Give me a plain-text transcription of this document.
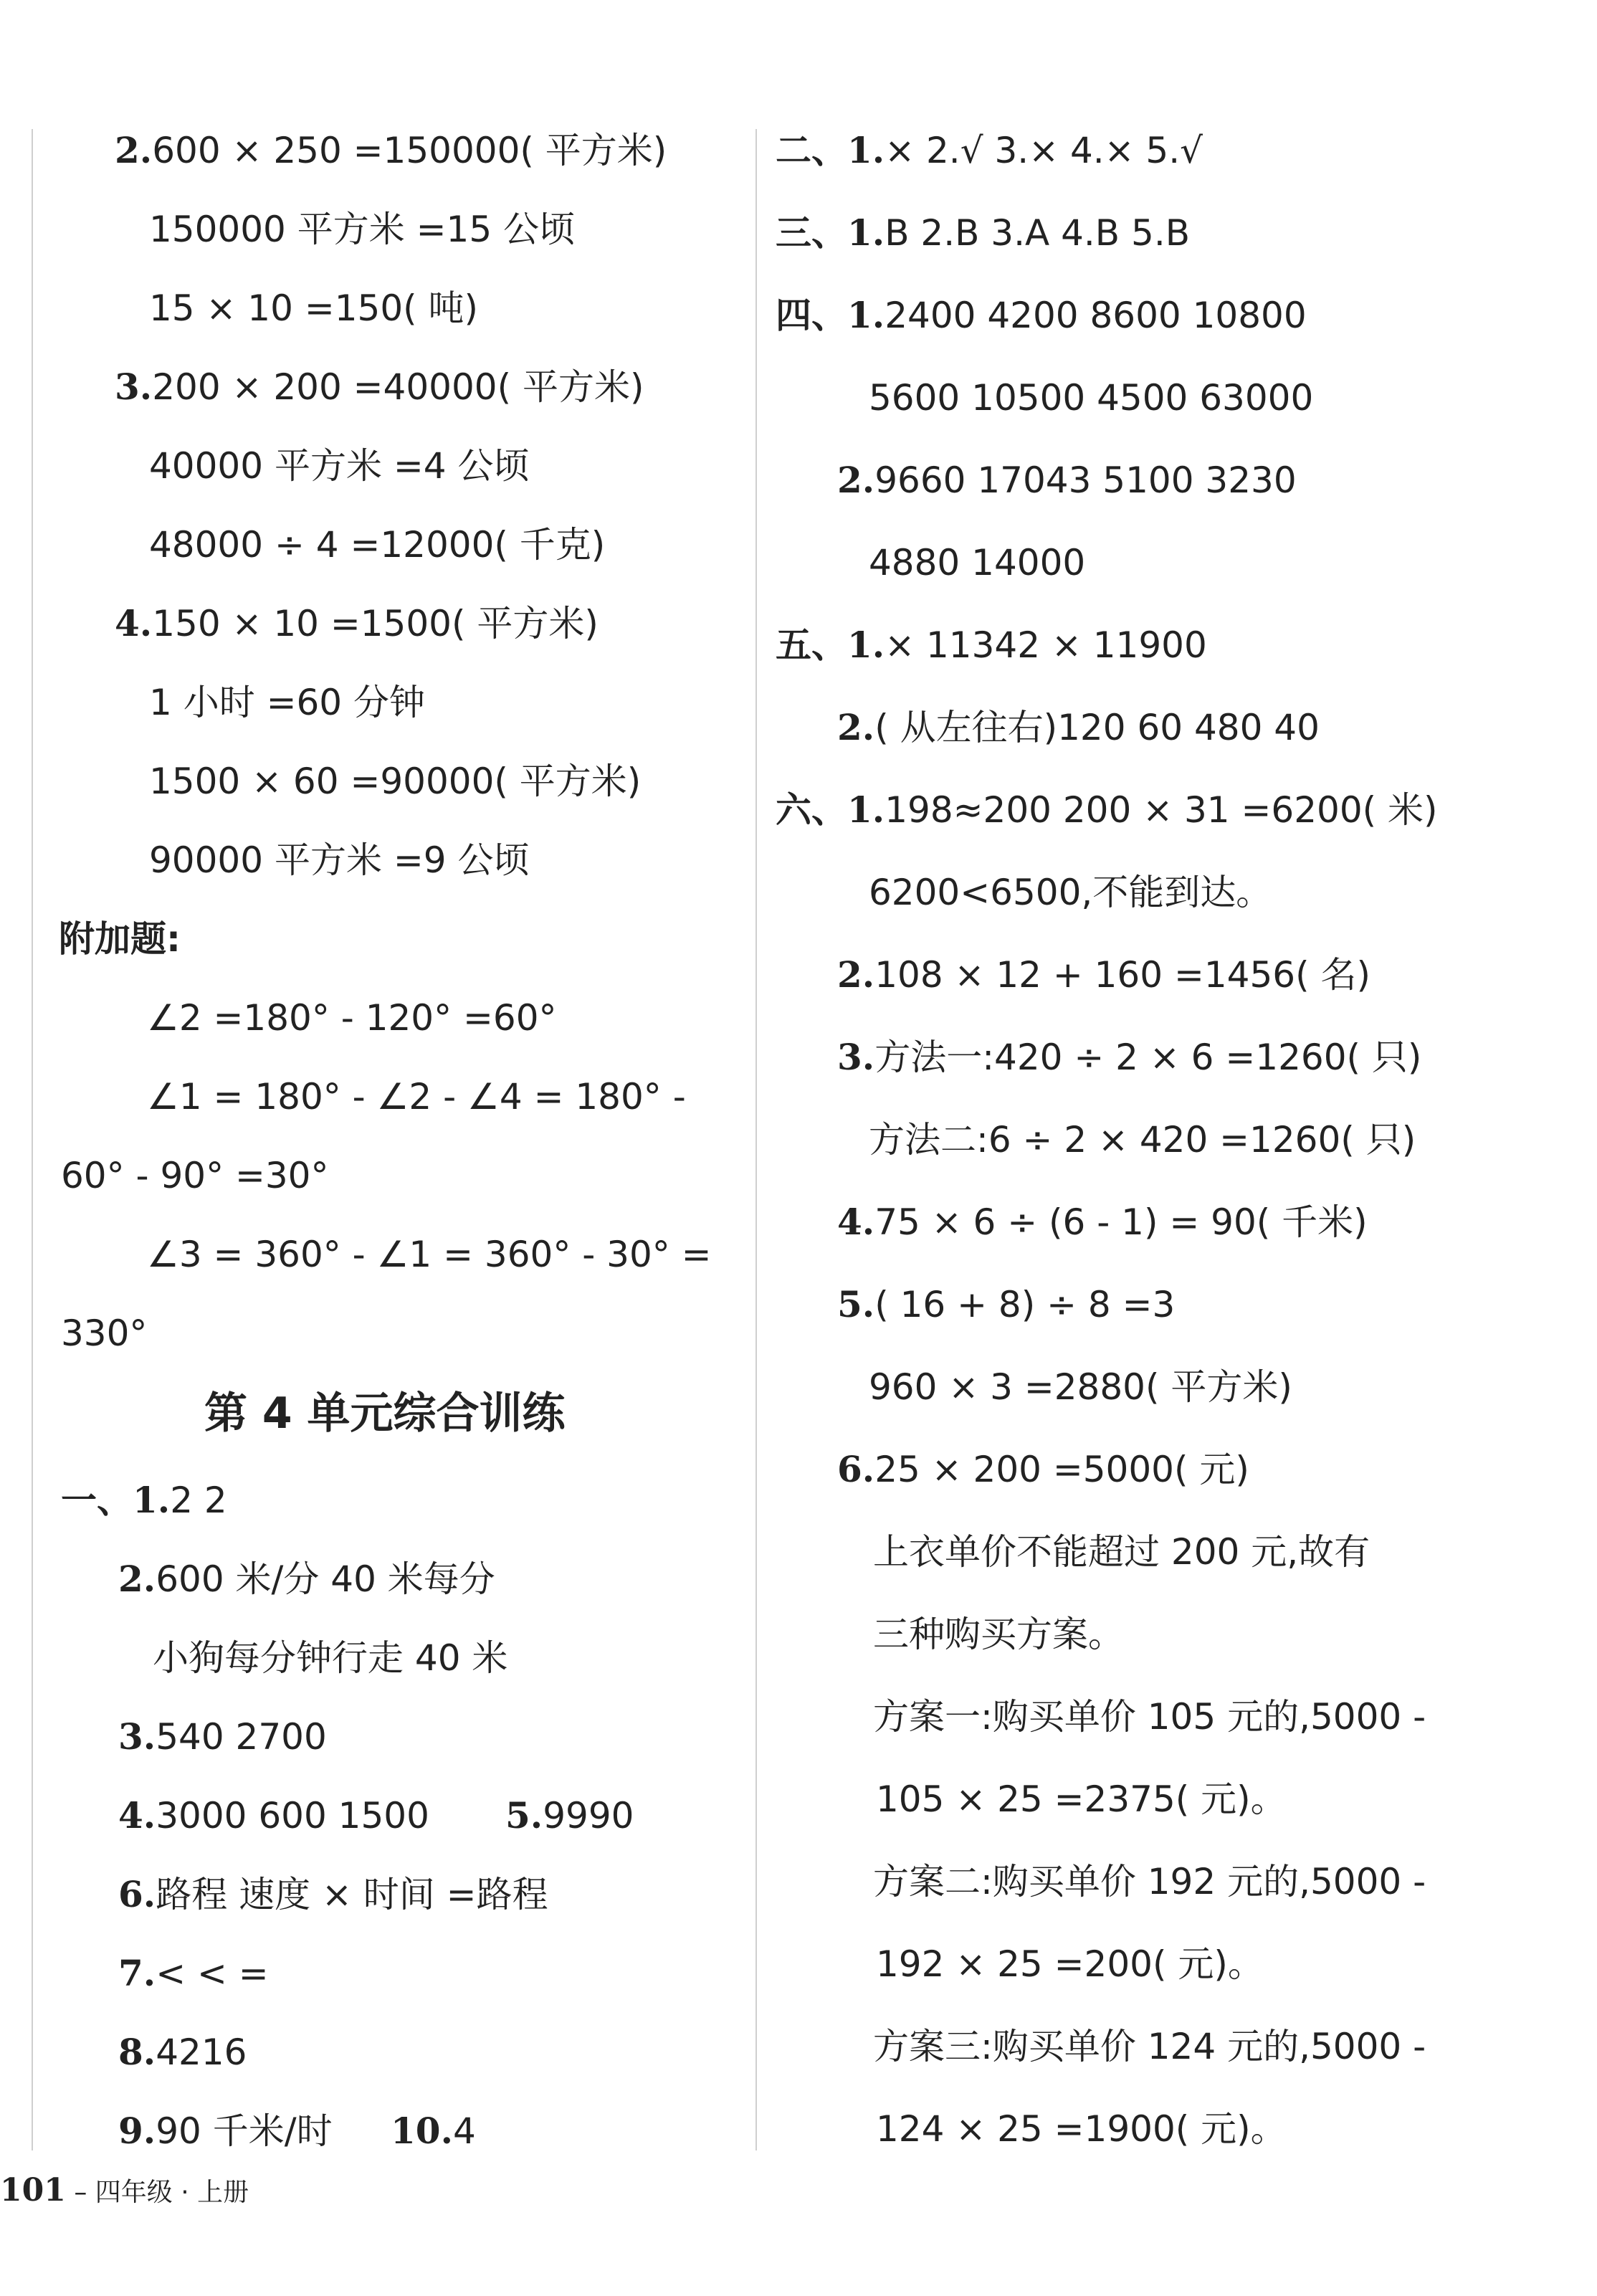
2.600 × 250 =150000( 平方米)
150000 平方米 =15 公顷
15 × 10 =150( 吨)
3.200 × 200 =40000( 平方米)
40000 平方米 =4 公顷
48000 ÷ 4 =12000( 千克)
4.150 × 10 =1500( 平方米)
1 小时 =60 分钟
1500 × 60 =90000( 平方米)
90000 平方米 =9 公顷
∠2 =180° - 120° =60°
∠1 = 180° - ∠2 - ∠4 = 180° -
60° - 90° =30°
∠3 = 360° - ∠1 = 360° - 30° =
330°
一、1.2 2
2.600 米/分 40 米每分
小狗每分钟行走 40 米
3.540 2700
4.3000 600 1500
6.路程 速度 × 时间 =路程
7.< < =
8.4216
9.90 千米/时
附加题:
第 4 单元综合训练
5.9990
10.4
二、1.× 2.√ 3.× 4.× 5.√
三、1.B 2.B 3.A 4.B 5.B
四、1.2400 4200 8600 10800
5600 10500 4500 63000
2.9660 17043 5100 3230
4880 14000
五、1.× 11342 × 11900
2.( 从左往右)120 60 480 40
六、1.198≈200 200 × 31 =6200( 米)
6200<6500,不能到达。
2.108 × 12 + 160 =1456( 名)
3.方法一:420 ÷ 2 × 6 =1260( 只)
方法二:6 ÷ 2 × 420 =1260( 只)
4.75 × 6 ÷ (6 - 1) = 90( 千米)
5.( 16 + 8) ÷ 8 =3
960 × 3 =2880( 平方米)
6.25 × 200 =5000( 元)
上衣单价不能超过 200 元,故有
三种购买方案。
方案一:购买单价 105 元的,5000 -
105 × 25 =2375( 元)。
方案二:购买单价 192 元的,5000 -
192 × 25 =200( 元)。
方案三:购买单价 124 元的,5000 -
124 × 25 =1900( 元)。
101 – 四年级 · 上册
